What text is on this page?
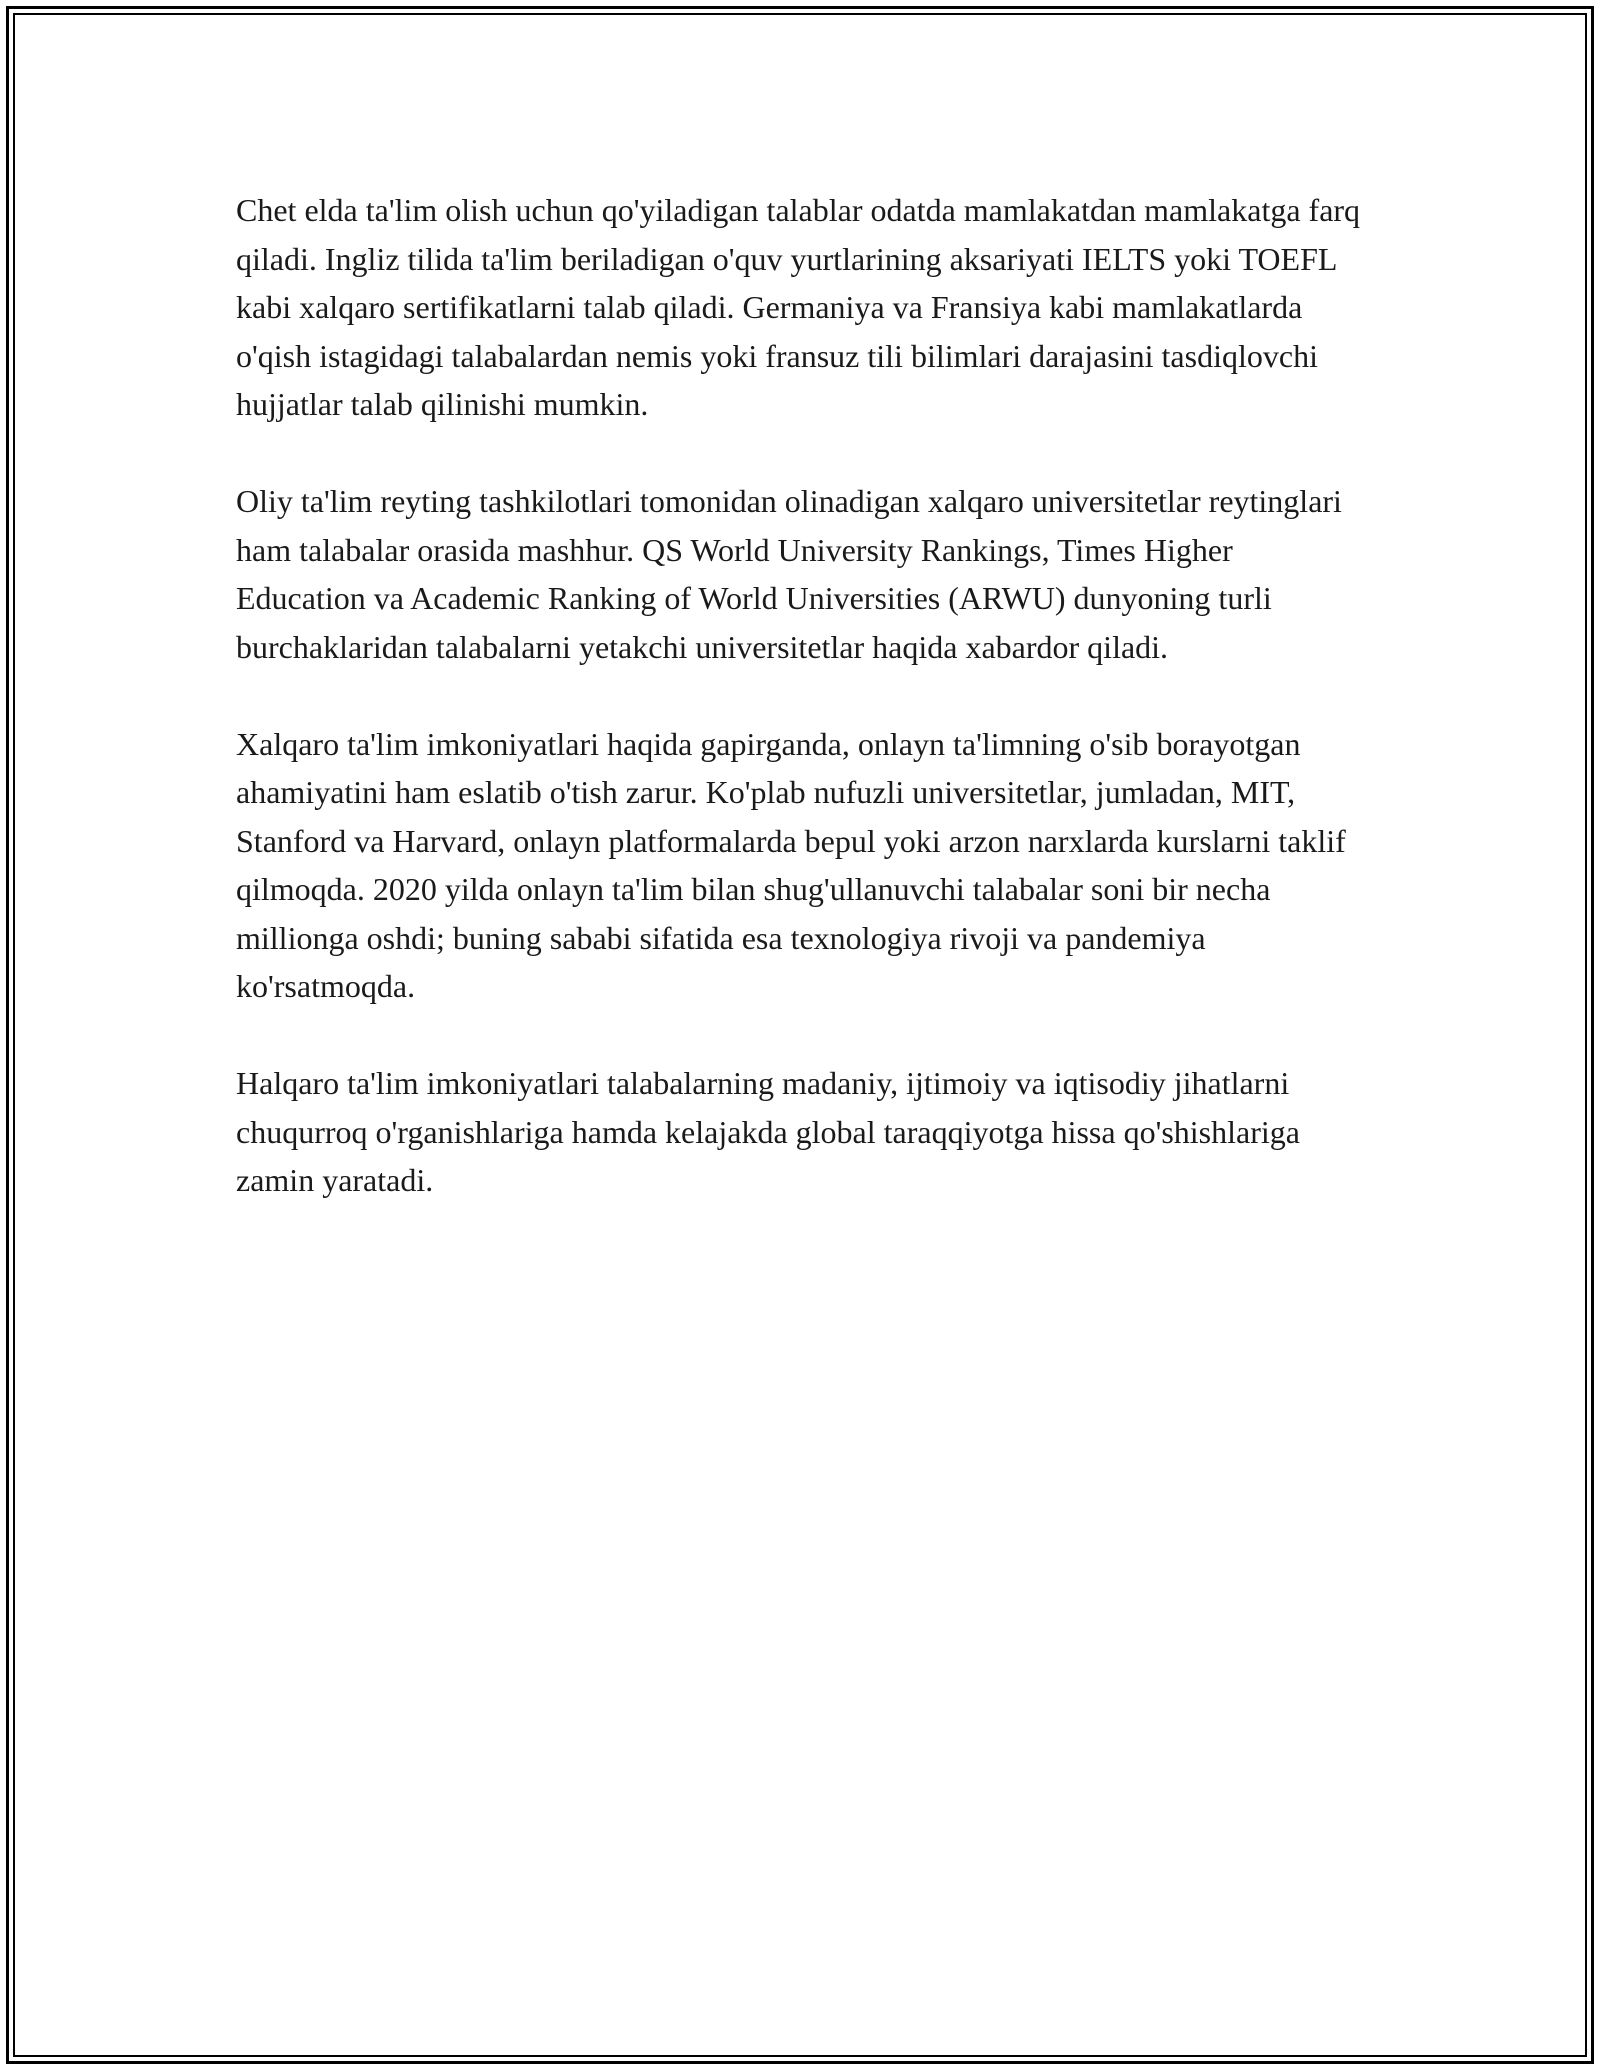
Chet elda ta'lim olish uchun qo'yiladigan talablar odatda mamlakatdan mamlakatga farq qiladi. Ingliz tilida ta'lim beriladigan o'quv yurtlarining aksariyati IELTS yoki TOEFL kabi xalqaro sertifikatlarni talab qiladi. Germaniya va Fransiya kabi mamlakatlarda o'qish istagidagi talabalardan nemis yoki fransuz tili bilimlari darajasini tasdiqlovchi hujjatlar talab qilinishi mumkin.

Oliy ta'lim reyting tashkilotlari tomonidan olinadigan xalqaro universitetlar reytinglari ham talabalar orasida mashhur. QS World University Rankings, Times Higher Education va Academic Ranking of World Universities (ARWU) dunyoning turli burchaklaridan talabalarni yetakchi universitetlar haqida xabardor qiladi.

Xalqaro ta'lim imkoniyatlari haqida gapirganda, onlayn ta'limning o'sib borayotgan ahamiyatini ham eslatib o'tish zarur. Ko'plab nufuzli universitetlar, jumladan, MIT, Stanford va Harvard, onlayn platformalarda bepul yoki arzon narxlarda kurslarni taklif qilmoqda. 2020 yilda onlayn ta'lim bilan shug'ullanuvchi talabalar soni bir necha millionga oshdi; buning sababi sifatida esa texnologiya rivoji va pandemiya ko'rsatmoqda.

Halqaro ta'lim imkoniyatlari talabalarning madaniy, ijtimoiy va iqtisodiy jihatlarni chuqurroq o'rganishlariga hamda kelajakda global taraqqiyotga hissa qo'shishlariga zamin yaratadi.
